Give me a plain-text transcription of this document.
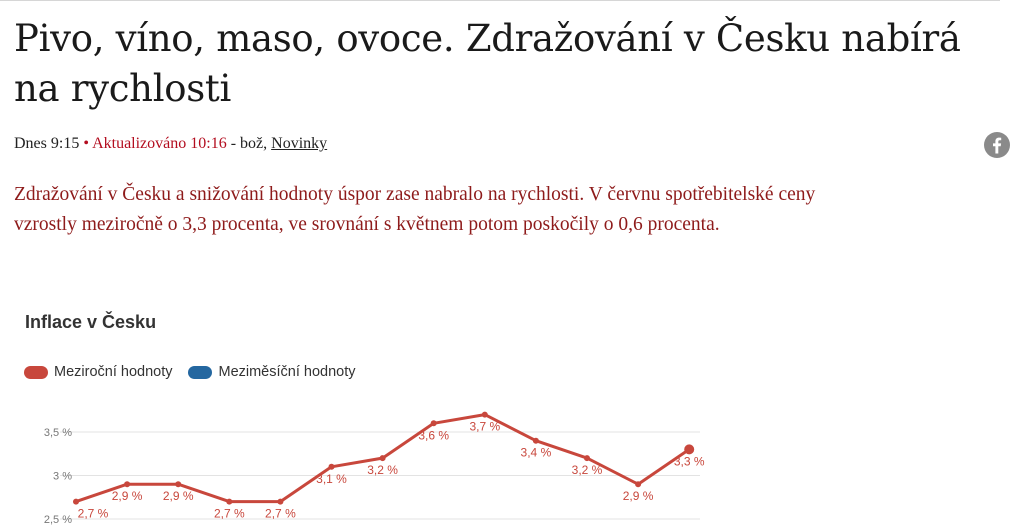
Pivo, víno, maso, ovoce. Zdražování v Česku nabírá na rychlosti
Dnes 9:15 • Aktualizováno 10:16 - bož, Novinky

Zdražování v Česku a snižování hodnoty úspor zase nabralo na rychlosti. V červnu spotřebitelské ceny vzrostly meziročně o 3,3 procenta, ve srovnání s květnem potom poskočily o 0,6 procenta.

Inflace v Česku
Meziroční hodnoty	Meziměsíční hodnoty
3,5 %
3 %
2,5 % 2,7 %
2,9 % 2,9 %
2,7 % 2,7 %
3,1 %
3,2 %
3,6 %
3,7 %
3,4 %
3,2 %
2,9 %
3,3 %
